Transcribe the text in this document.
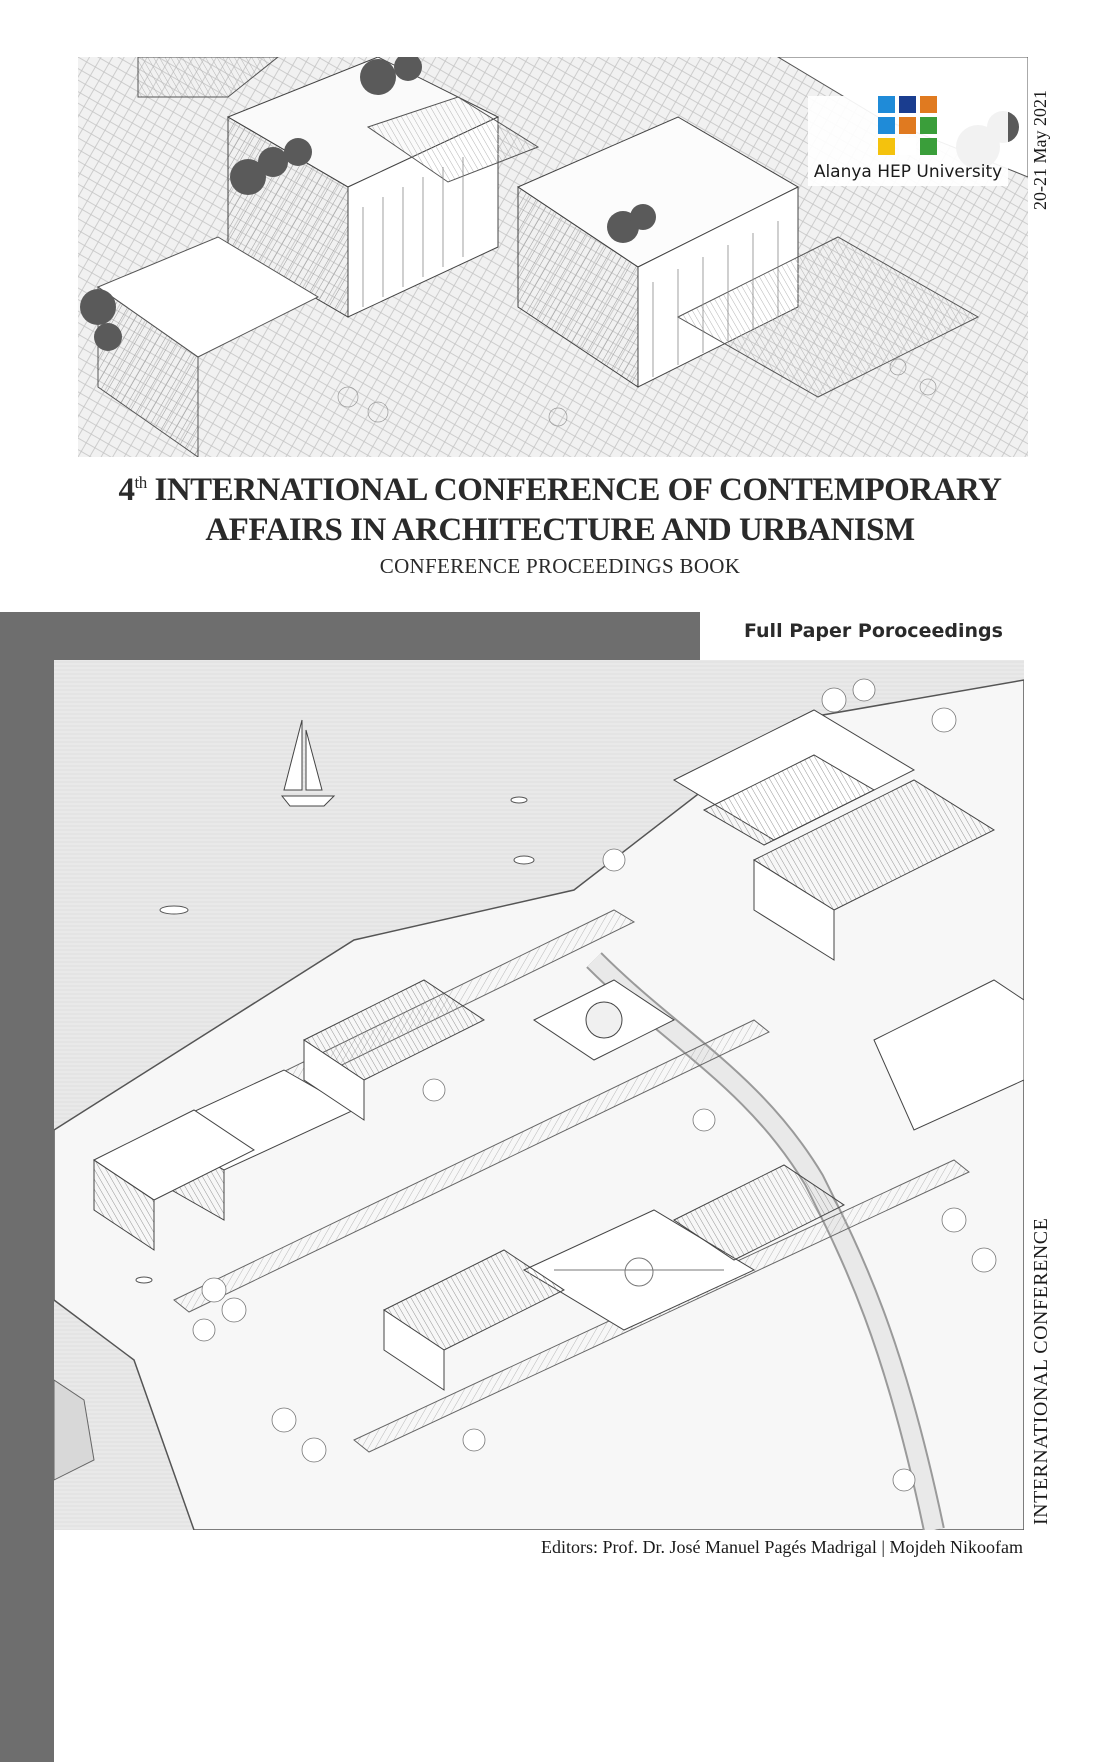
Alanya HEP University	20-21 May 2021
4th INTERNATIONAL CONFERENCE OF CONTEMPORARY
AFFAIRS IN ARCHITECTURE AND URBANISM
CONFERENCE PROCEEDINGS BOOK
Full Paper Poroceedings
INTERNATIONAL CONFERENCE
Editors: Prof. Dr. José Manuel Pagés Madrigal | Mojdeh Nikoofam
